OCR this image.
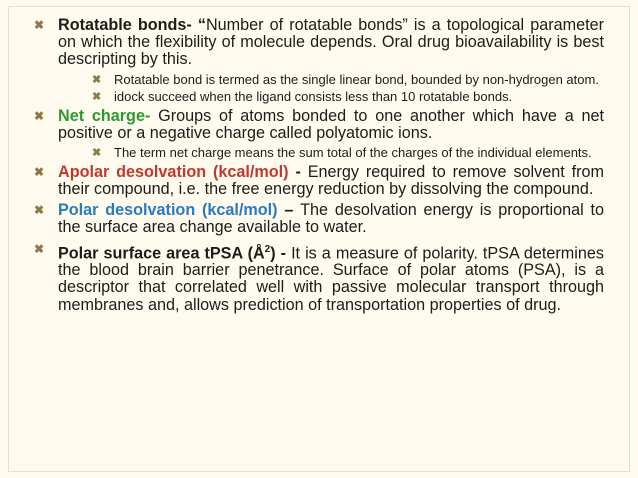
✖ Rotatable bonds- “Number of rotatable bonds” is a topological parameter on which the flexibility of molecule depends. Oral drug bioavailability is best descripting by this.
✖ Rotatable bond is termed as the single linear bond, bounded by non-hydrogen atom.
✖ idock succeed when the ligand consists less than 10 rotatable bonds.
✖ Net charge- Groups of atoms bonded to one another which have a net positive or a negative charge called polyatomic ions.
✖ The term net charge means the sum total of the charges of the individual elements.
✖ Apolar desolvation (kcal/mol) - Energy required to remove solvent from their compound, i.e. the free energy reduction by dissolving the compound.
✖ Polar desolvation (kcal/mol) – The desolvation energy is proportional to the surface area change available to water.
✖ Polar surface area tPSA $(Å^2)$ - It is a measure of polarity. tPSA determines the blood brain barrier penetrance. Surface of polar atoms (PSA), is a descriptor that correlated well with passive molecular transport through membranes and, allows prediction of transportation properties of drug.
